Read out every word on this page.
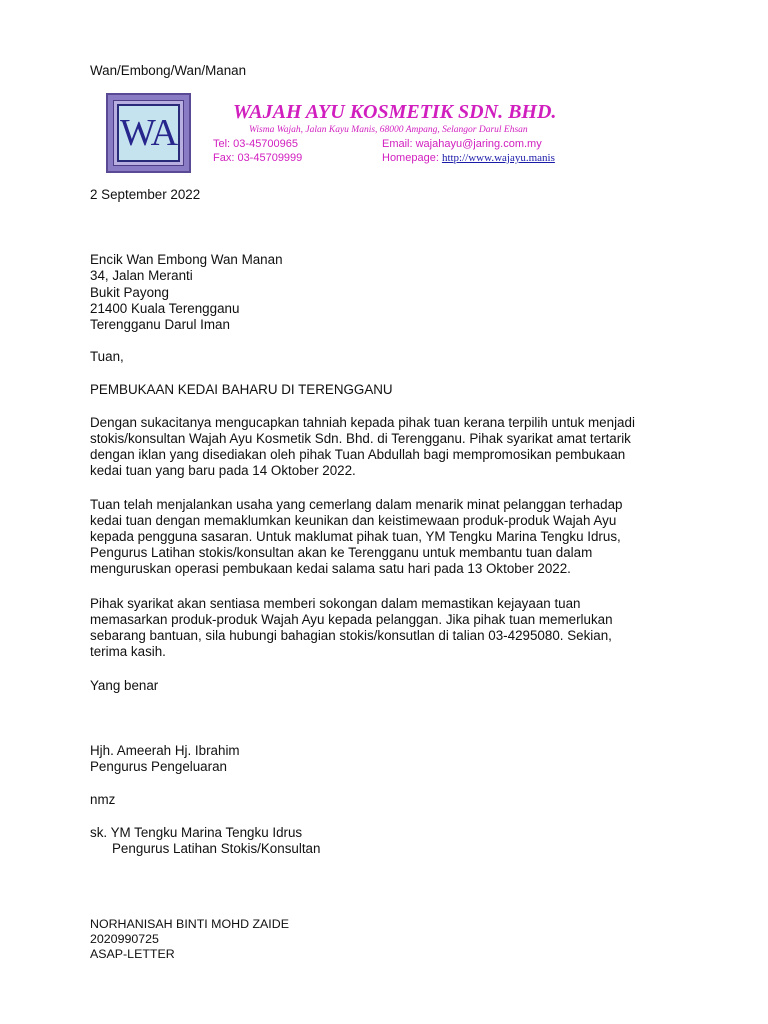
Wan/Embong/Wan/Manan
WA	WAJAH AYU KOSMETIK SDN. BHD.
Wisma Wajah, Jalan Kayu Manis, 68000 Ampang, Selangor Darul Ehsan
Tel: 03-45700965
Fax: 03-45709999
Email: wajahayu@jaring.com.my
Homepage: http://www.wajayu.manis
2 September 2022
Encik Wan Embong Wan Manan
34, Jalan Meranti
Bukit Payong
21400 Kuala Terengganu
Terengganu Darul Iman
Tuan,
PEMBUKAAN KEDAI BAHARU DI TERENGGANU
Dengan sukacitanya mengucapkan tahniah kepada pihak tuan kerana terpilih untuk menjadi
stokis/konsultan Wajah Ayu Kosmetik Sdn. Bhd. di Terengganu. Pihak syarikat amat tertarik
dengan iklan yang disediakan oleh pihak Tuan Abdullah bagi mempromosikan pembukaan
kedai tuan yang baru pada 14 Oktober 2022.
Tuan telah menjalankan usaha yang cemerlang dalam menarik minat pelanggan terhadap
kedai tuan dengan memaklumkan keunikan dan keistimewaan produk-produk Wajah Ayu
kepada pengguna sasaran. Untuk maklumat pihak tuan, YM Tengku Marina Tengku Idrus,
Pengurus Latihan stokis/konsultan akan ke Terengganu untuk membantu tuan dalam
menguruskan operasi pembukaan kedai salama satu hari pada 13 Oktober 2022.
Pihak syarikat akan sentiasa memberi sokongan dalam memastikan kejayaan tuan
memasarkan produk-produk Wajah Ayu kepada pelanggan. Jika pihak tuan memerlukan
sebarang bantuan, sila hubungi bahagian stokis/konsutlan di talian 03-4295080. Sekian,
terima kasih.
Yang benar
Hjh. Ameerah Hj. Ibrahim
Pengurus Pengeluaran
nmz
sk. YM Tengku Marina Tengku Idrus
Pengurus Latihan Stokis/Konsultan
NORHANISAH BINTI MOHD ZAIDE
2020990725
ASAP-LETTER
